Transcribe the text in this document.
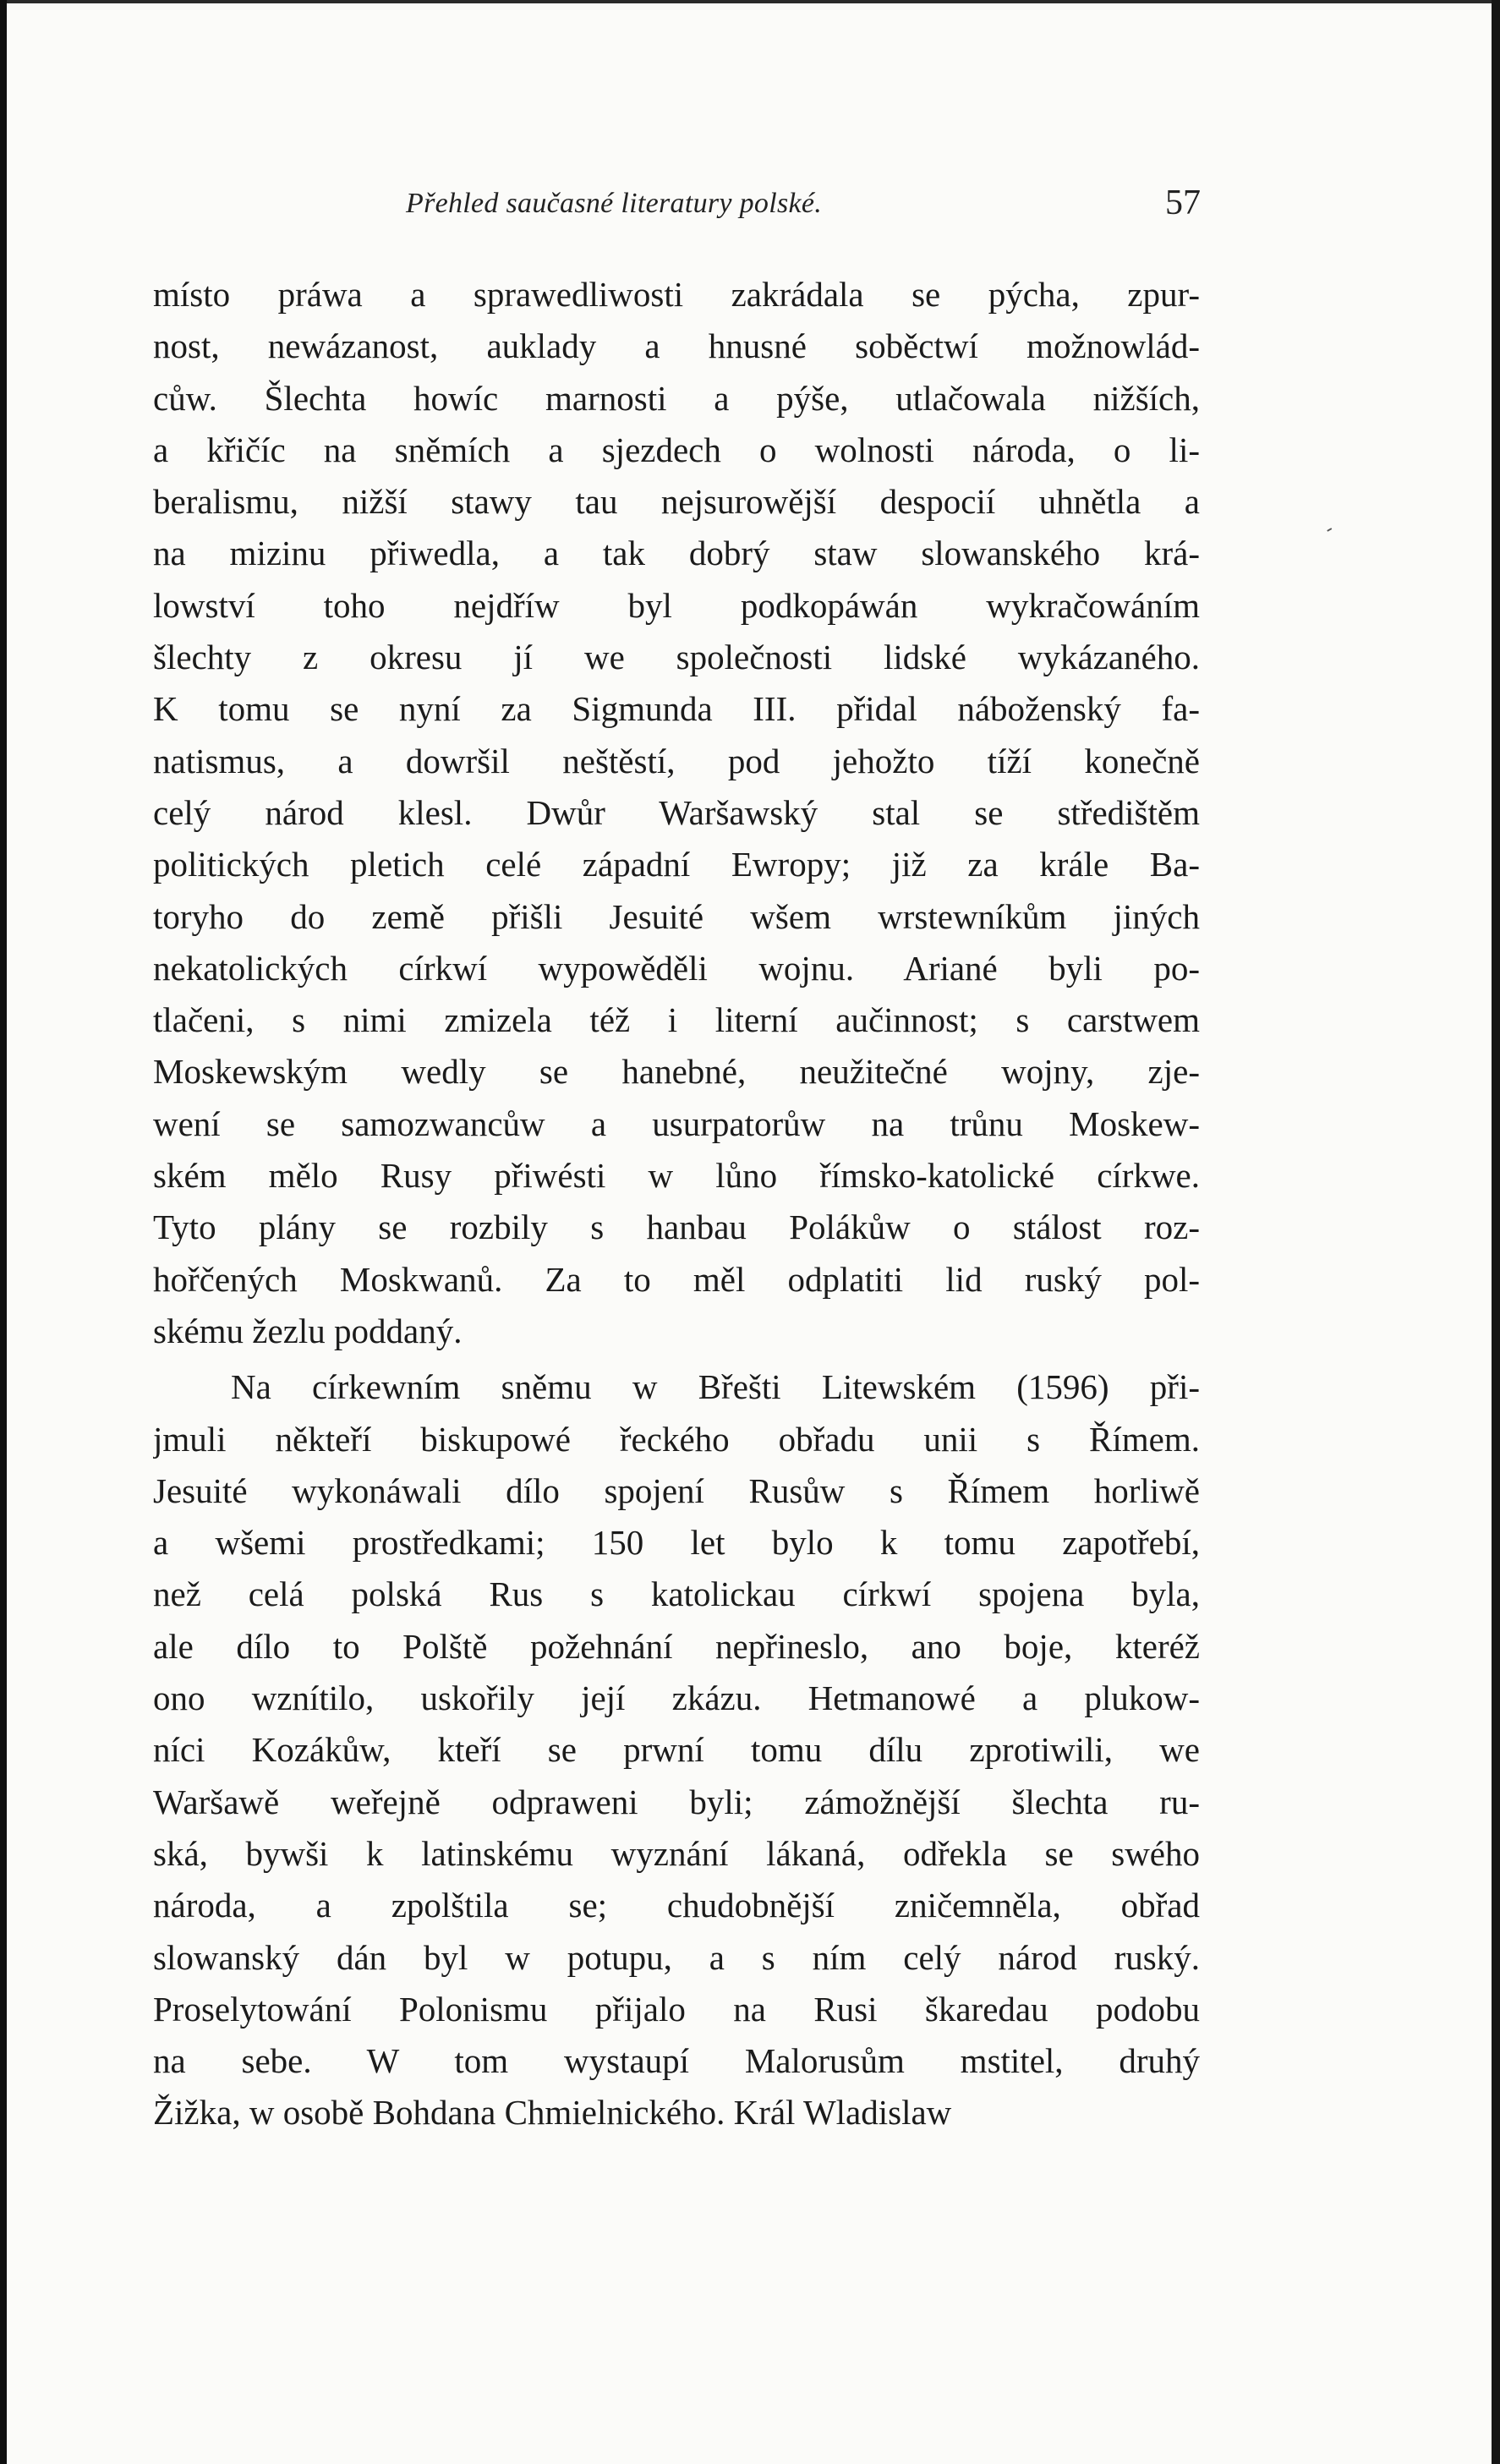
Přehled saučasné literatury polské.	57
místo práwa a sprawedliwosti zakrádala se pýcha, zpur-
nost, newázanost, auklady a hnusné soběctwí možnowlád-
cůw. Šlechta howíc marnosti a pýše, utlačowala nižších,
a křičíc na sněmích a sjezdech o wolnosti národa, o li-
beralismu, nižší stawy tau nejsurowější despocií uhnětla a
na mizinu přiwedla, a tak dobrý staw slowanského krá-
lowství toho nejdříw byl podkopáwán wykračowáním
šlechty z okresu jí we společnosti lidské wykázaného.
K tomu se nyní za Sigmunda III. přidal náboženský fa-
natismus, a dowršil neštěstí, pod jehožto tíží konečně
celý národ klesl. Dwůr Waršawský stal se středištěm
politických pletich celé západní Ewropy; již za krále Ba-
toryho do země přišli Jesuité wšem wrstewníkům jiných
nekatolických církwí wypowěděli wojnu. Ariané byli po-
tlačeni, s nimi zmizela též i literní aučinnost; s carstwem
Moskewským wedly se hanebné, neužitečné wojny, zje-
wení se samozwancůw a usurpatorůw na trůnu Moskew-
ském mělo Rusy přiwésti w lůno římsko-katolické církwe.
Tyto plány se rozbily s hanbau Polákůw o stálost roz-
hořčených Moskwanů. Za to měl odplatiti lid ruský pol-
skému žezlu poddaný.
Na církewním sněmu w Břešti Litewském (1596) při-
jmuli někteří biskupowé řeckého obřadu unii s Římem.
Jesuité wykonáwali dílo spojení Rusůw s Římem horliwě
a wšemi prostředkami; 150 let bylo k tomu zapotřebí,
než celá polská Rus s katolickau církwí spojena byla,
ale dílo to Polště požehnání nepřineslo, ano boje, kteréž
ono wznítilo, uskořily její zkázu. Hetmanowé a plukow-
níci Kozákůw, kteří se prwní tomu dílu zprotiwili, we
Waršawě weřejně odpraweni byli; zámožnější šlechta ru-
ská, bywši k latinskému wyznání lákaná, odřekla se swého
národa, a zpolštila se; chudobnější zničemněla, obřad
slowanský dán byl w potupu, a s ním celý národ ruský.
Proselytowání Polonismu přijalo na Rusi škaredau podobu
na sebe. W tom wystaupí Malorusům mstitel, druhý
Žižka, w osobě Bohdana Chmielnického. Král Wladislaw
-
